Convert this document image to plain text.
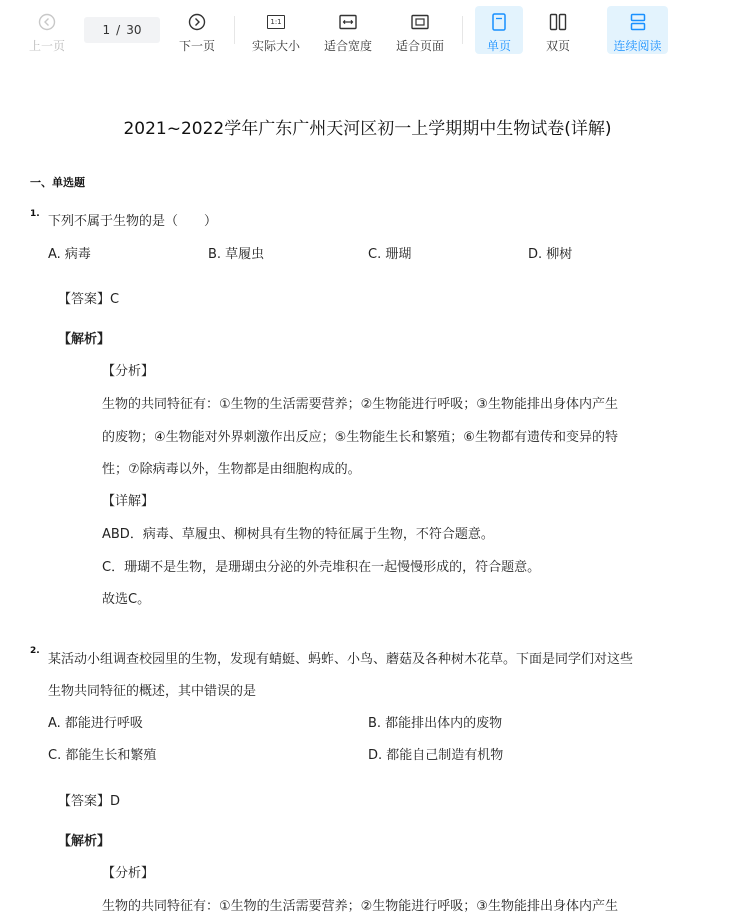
上一页
1 / 30
下一页
1:1
实际大小 适合宽度 适合页面	单页	双页	连续阅读
2021~2022学年广东广州天河区初一上学期期中生物试卷(详解)
一、单选题
1. 下列不属于生物的是（　　）
A. 病毒	B. 草履虫	C. 珊瑚	D. 柳树
【答案】C
【解析】
【分析】
生物的共同特征有：①生物的生活需要营养；②生物能进行呼吸；③生物能排出身体内产生
的废物；④生物能对外界刺激作出反应；⑤生物能生长和繁殖；⑥生物都有遗传和变异的特
性；⑦除病毒以外，生物都是由细胞构成的。
【详解】
ABD．病毒、草履虫、柳树具有生物的特征属于生物，不符合题意。
C．珊瑚不是生物，是珊瑚虫分泌的外壳堆积在一起慢慢形成的，符合题意。
故选C。
2.
某活动小组调查校园里的生物，发现有蜻蜓、蚂蚱、小鸟、蘑菇及各种树木花草。下面是同学们对这些
生物共同特征的概述，其中错误的是
A. 都能进行呼吸	B. 都能排出体内的废物
C. 都能生长和繁殖	D. 都能自己制造有机物
【答案】D
【解析】
【分析】
生物的共同特征有：①生物的生活需要营养；②生物能进行呼吸；③生物能排出身体内产生
